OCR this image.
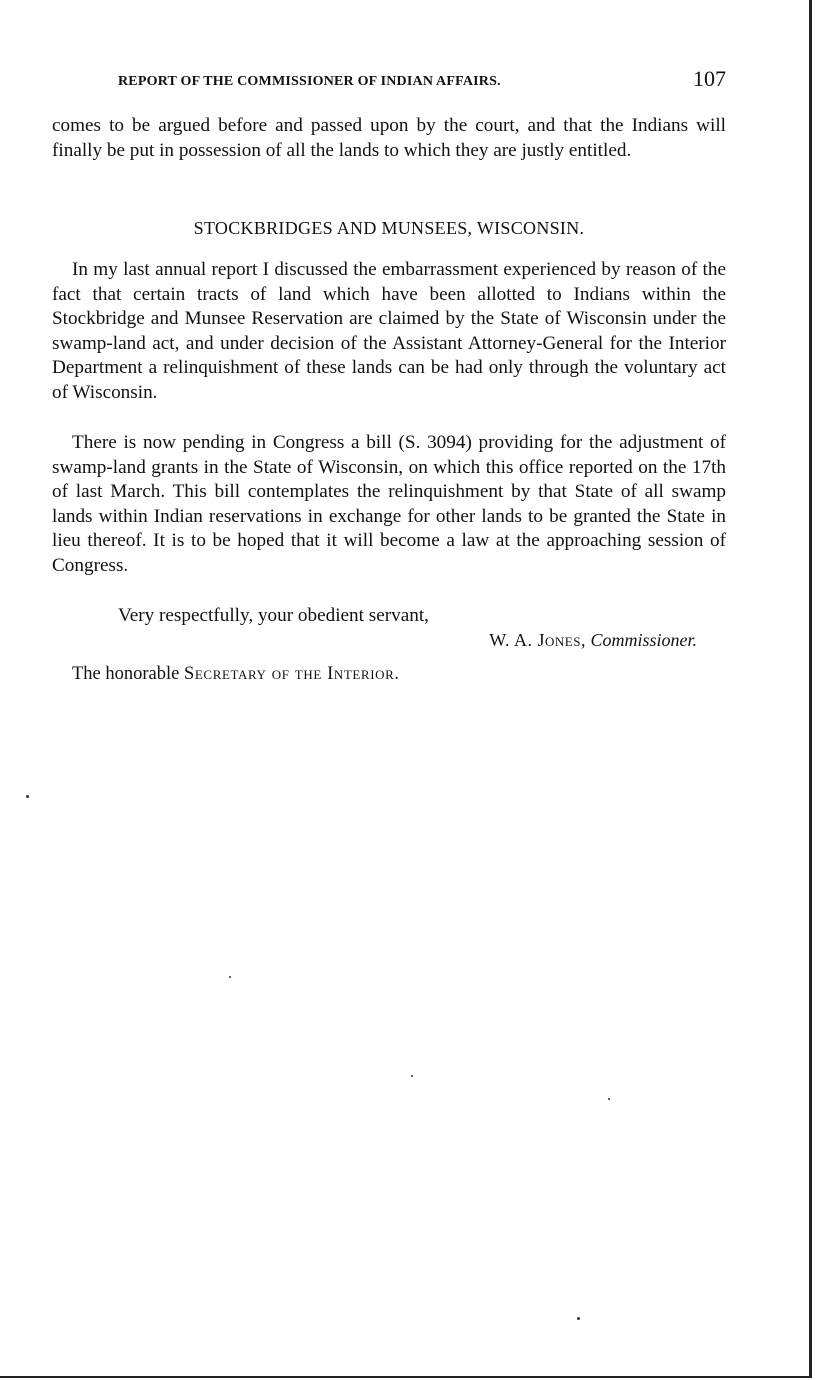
REPORT OF THE COMMISSIONER OF INDIAN AFFAIRS.	107

comes to be argued before and passed upon by the court, and that the Indians will finally be put in possession of all the lands to which they are justly entitled.

STOCKBRIDGES AND MUNSEES, WISCONSIN.

In my last annual report I discussed the embarrassment experienced by reason of the fact that certain tracts of land which have been allotted to Indians within the Stockbridge and Munsee Reservation are claimed by the State of Wisconsin under the swamp-land act, and under decision of the Assistant Attorney-General for the Interior Department a relinquishment of these lands can be had only through the voluntary act of Wisconsin.

There is now pending in Congress a bill (S. 3094) providing for the adjustment of swamp-land grants in the State of Wisconsin, on which this office reported on the 17th of last March. This bill contemplates the relinquishment by that State of all swamp lands within Indian reservations in exchange for other lands to be granted the State in lieu thereof. It is to be hoped that it will become a law at the approaching session of Congress.

Very respectfully, your obedient servant,
W. A. Jones, Commissioner.
The honorable Secretary of the Interior.
